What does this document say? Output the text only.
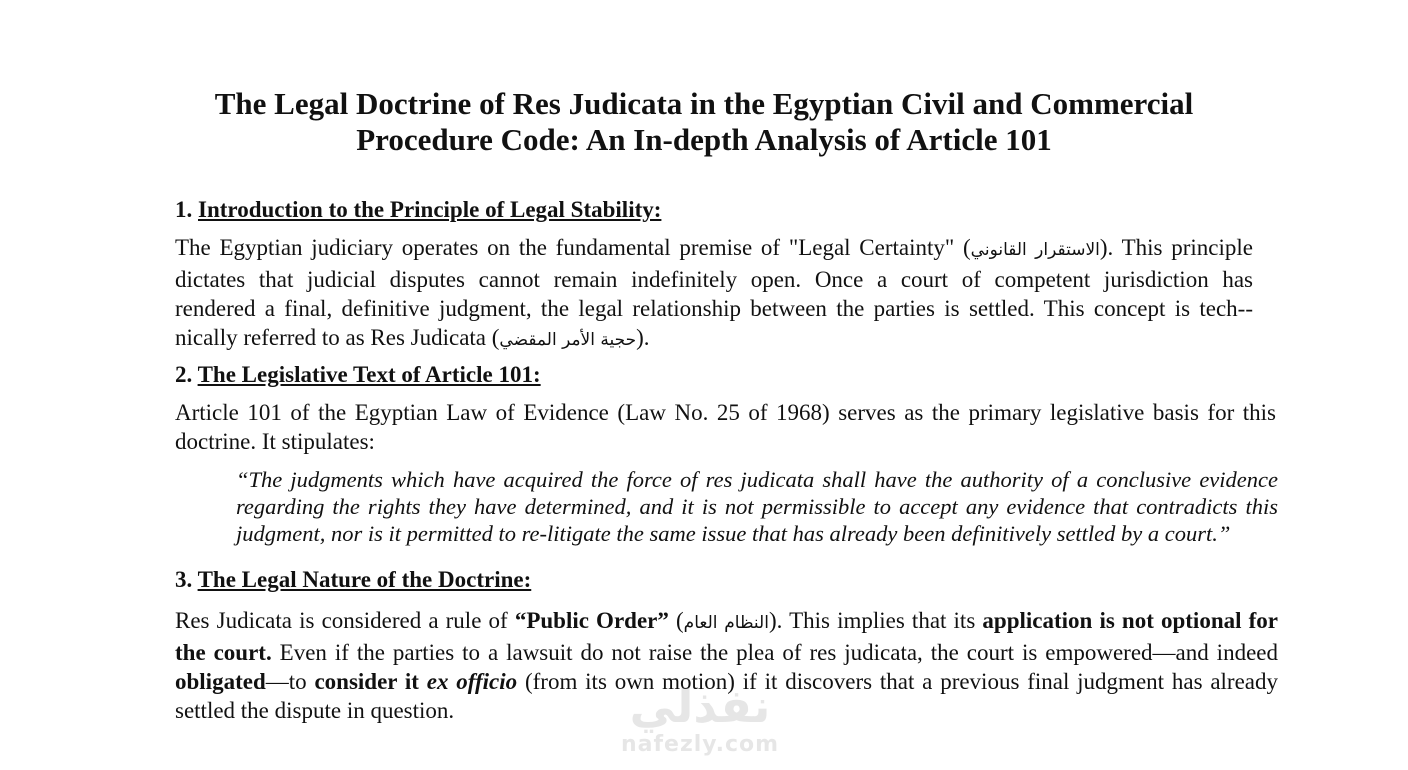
The Legal Doctrine of Res Judicata in the Egyptian Civil and Commercial
Procedure Code: An In-depth Analysis of Article 101
1. Introduction to the Principle of Legal Stability:

The Egyptian judiciary operates on the fundamental premise of "Legal Certainty" (الاستقرار القانوني). This principle
dictates that judicial disputes cannot remain indefinitely open. Once a court of competent jurisdiction has
rendered a final, definitive judgment, the legal relationship between the parties is settled. This concept is tech--
nically referred to as Res Judicata (حجية الأمر المقضي).

2. The Legislative Text of Article 101:

Article 101 of the Egyptian Law of Evidence (Law No. 25 of 1968) serves as the primary legislative basis for this
doctrine. It stipulates:

“The judgments which have acquired the force of res judicata shall have the authority of a conclusive evidence
regarding the rights they have determined, and it is not permissible to accept any evidence that contradicts this
judgment, nor is it permitted to re-litigate the same issue that has already been definitively settled by a court.”
3. The Legal Nature of the Doctrine:

Res Judicata is considered a rule of “Public Order” (النظام العام). This implies that its application is not optional for
the court. Even if the parties to a lawsuit do not raise the plea of res judicata, the court is empowered—and indeed
obligated—to consider it ex officio (from its own motion) if it discovers that a previous final judgment has already
settled the dispute in question.	نفذلي
nafezly.com
